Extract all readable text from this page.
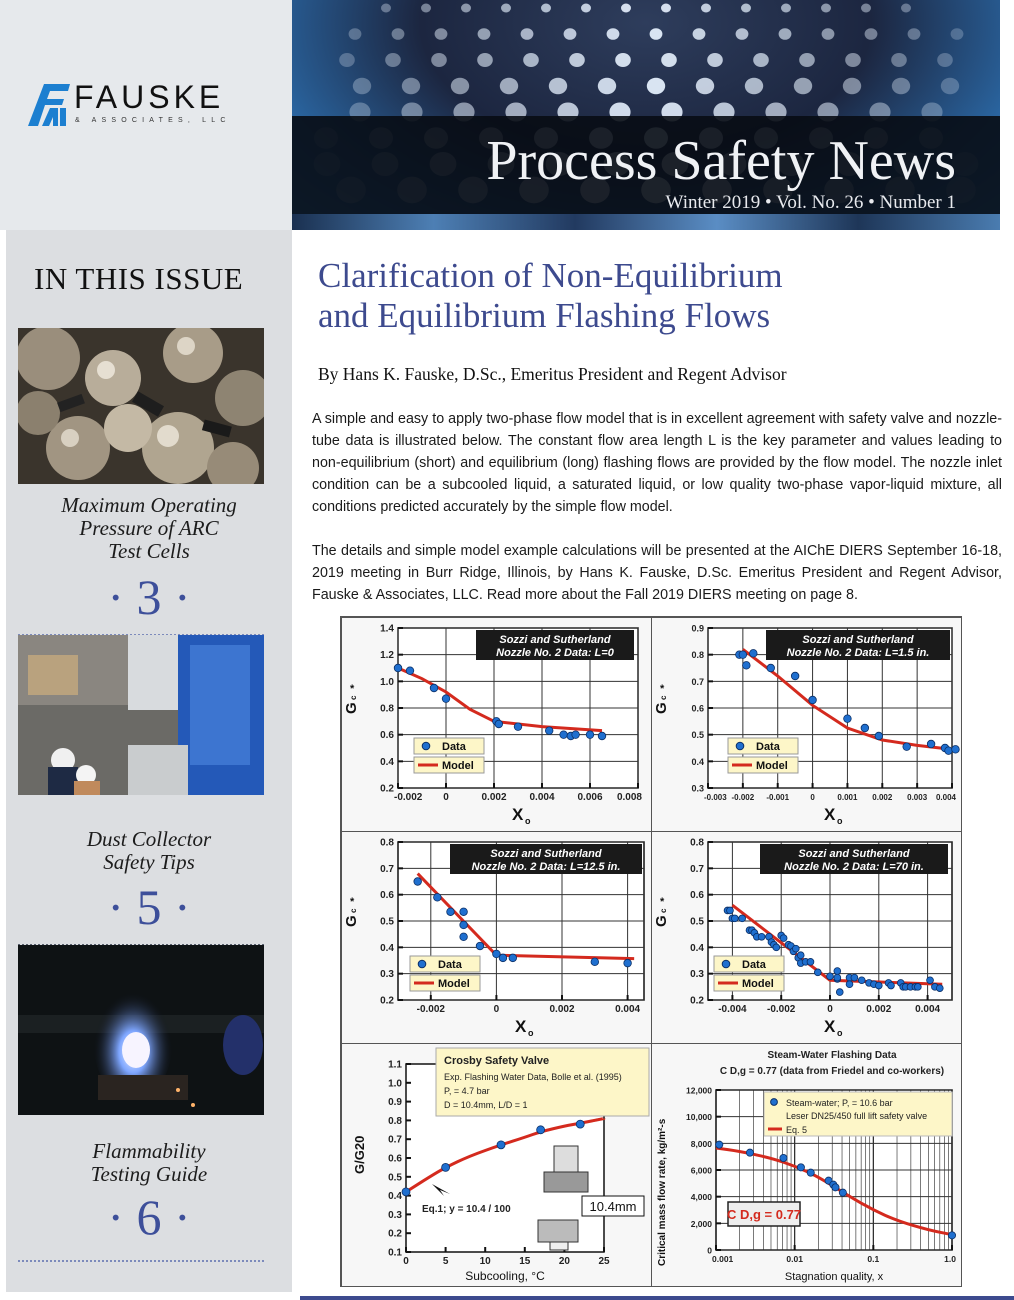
FAUSKE
& ASSOCIATES, LLC
Process Safety News
Winter 2019 • Vol. No. 26 • Number 1
IN THIS ISSUE
Maximum Operating
Pressure of ARC
Test Cells
· 3 ·
Dust Collector
Safety Tips
· 5 ·
Flammability
Testing Guide
· 6 ·
Clarification of Non-Equilibrium
and Equilibrium Flashing Flows
By Hans K. Fauske, D.Sc., Emeritus President and Regent Advisor
A simple and easy to apply two-phase flow model that is in excellent agreement with safety valve and nozzle-tube data is illustrated below. The constant flow area length L is the key parameter and values leading to non-equilibrium (short) and equilibrium (long) flashing flows are provided by the flow model. The nozzle inlet condition can be a subcooled liquid, a saturated liquid, or low quality two-phase vapor-liquid mixture, all conditions predicted accurately by the simple flow model.
The details and simple model example calculations will be presented at the AIChE DIERS September 16-18, 2019 meeting in Burr Ridge, Illinois, by Hans K. Fauske, D.Sc. Emeritus President and Regent Advisor, Fauske & Associates, LLC. Read more about the Fall 2019 DIERS meeting on page 8.
0.2
0.4
0.6
0.8
1.0
1.2
1.4
-0.002 0	0.002 0.004 0.006 0.008
G
c
*
X o
Sozzi and Sutherland
Nozzle No. 2 Data: L=0
Data
Model
0.3
0.4
0.5
0.6
0.7
0.8
0.9
-0.003 -0.002 -0.001	0	0.001 0.002 0.003 0.004
G
c
*
X o
Sozzi and Sutherland
Nozzle No. 2 Data: L=1.5 in.
Data
Model
0.2
0.3
0.4
0.5
0.6
0.7
0.8
-0.002	0	0.002	0.004
G
c
*
X o
Sozzi and Sutherland
Nozzle No. 2 Data: L=12.5 in.
Data
Model
0.2
0.3
0.4
0.5
0.6
0.7
0.8
-0.004 -0.002	0	0.002 0.004
G
c
*
X o
Sozzi and Sutherland
Nozzle No. 2 Data: L=70 in.
Data
Model
0.1
0.2
0.3
0.4
0.5
0.6
0.7
0.8
0.9
1.0
1.1
0	5	10	15	20	25
G/G20
Subcooling, °C
Crosby Safety Valve
Exp. Flashing Water Data, Bolle et al. (1995)
P, = 4.7 bar
D = 10.4mm, L/D = 1
Eq.1; y = 10.4 / 100	10.4mm
0
2,000
4,000
6,000
8,000
10,000
12,000
0.001	0.01	0.1	1.0
Steam-Water Flashing Data
C D,g = 0.77 (data from Friedel and co-workers)
Critical mass flow rate, kg/m²-s
Stagnation quality, x
Steam-water; P, = 10.6 bar
Leser DN25/450 full lift safety valve
Eq. 5
C D,g = 0.77
